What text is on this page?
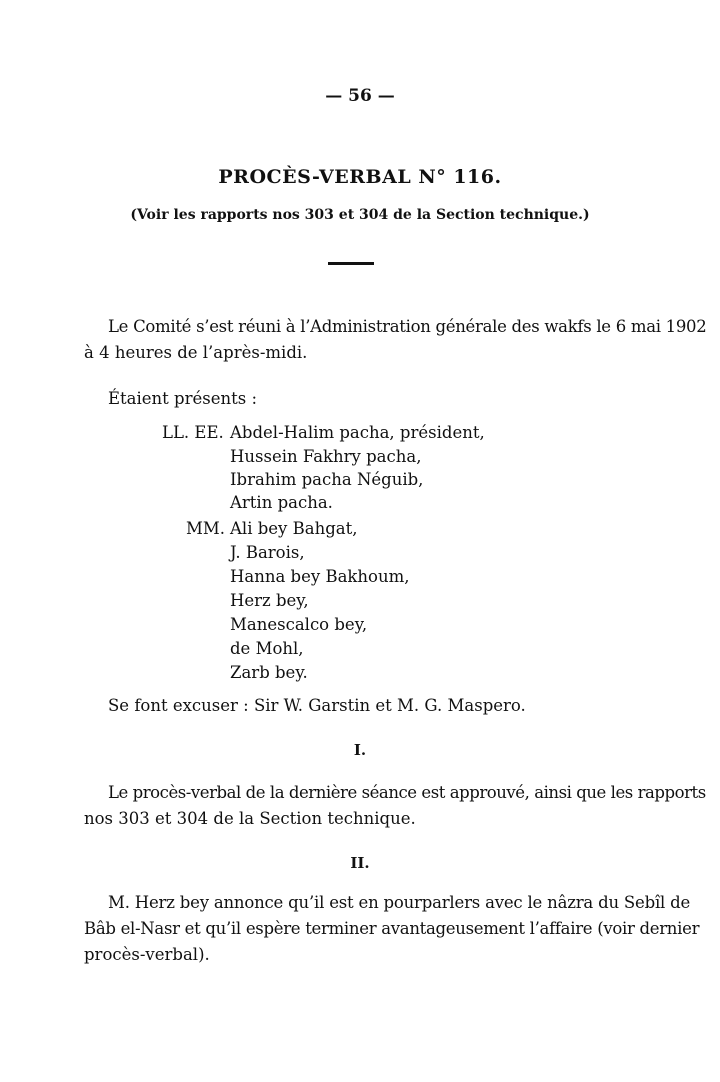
— 56 —
PROCÈS-VERBAL N° 116.
(Voir les rapports nos 303 et 304 de la Section technique.)
Le Comité s’est réuni à l’Administration générale des wakfs le 6 mai 1902
à 4 heures de l’après-midi.
Étaient présents :
LL. EE. Abdel-Halim pacha, président,
Hussein Fakhry pacha,
Ibrahim pacha Néguib,
Artin pacha.
MM. Ali bey Bahgat,
J. Barois,
Hanna bey Bakhoum,
Herz bey,
Manescalco bey,
de Mohl,
Zarb bey.
Se font excuser : Sir W. Garstin et M. G. Maspero.
I.
Le procès-verbal de la dernière séance est approuvé, ainsi que les rapports
nos 303 et 304 de la Section technique.
II.
M. Herz bey annonce qu’il est en pourparlers avec le nâzra du Sebîl de
Bâb el-Nasr et qu’il espère terminer avantageusement l’affaire (voir dernier
procès-verbal).
